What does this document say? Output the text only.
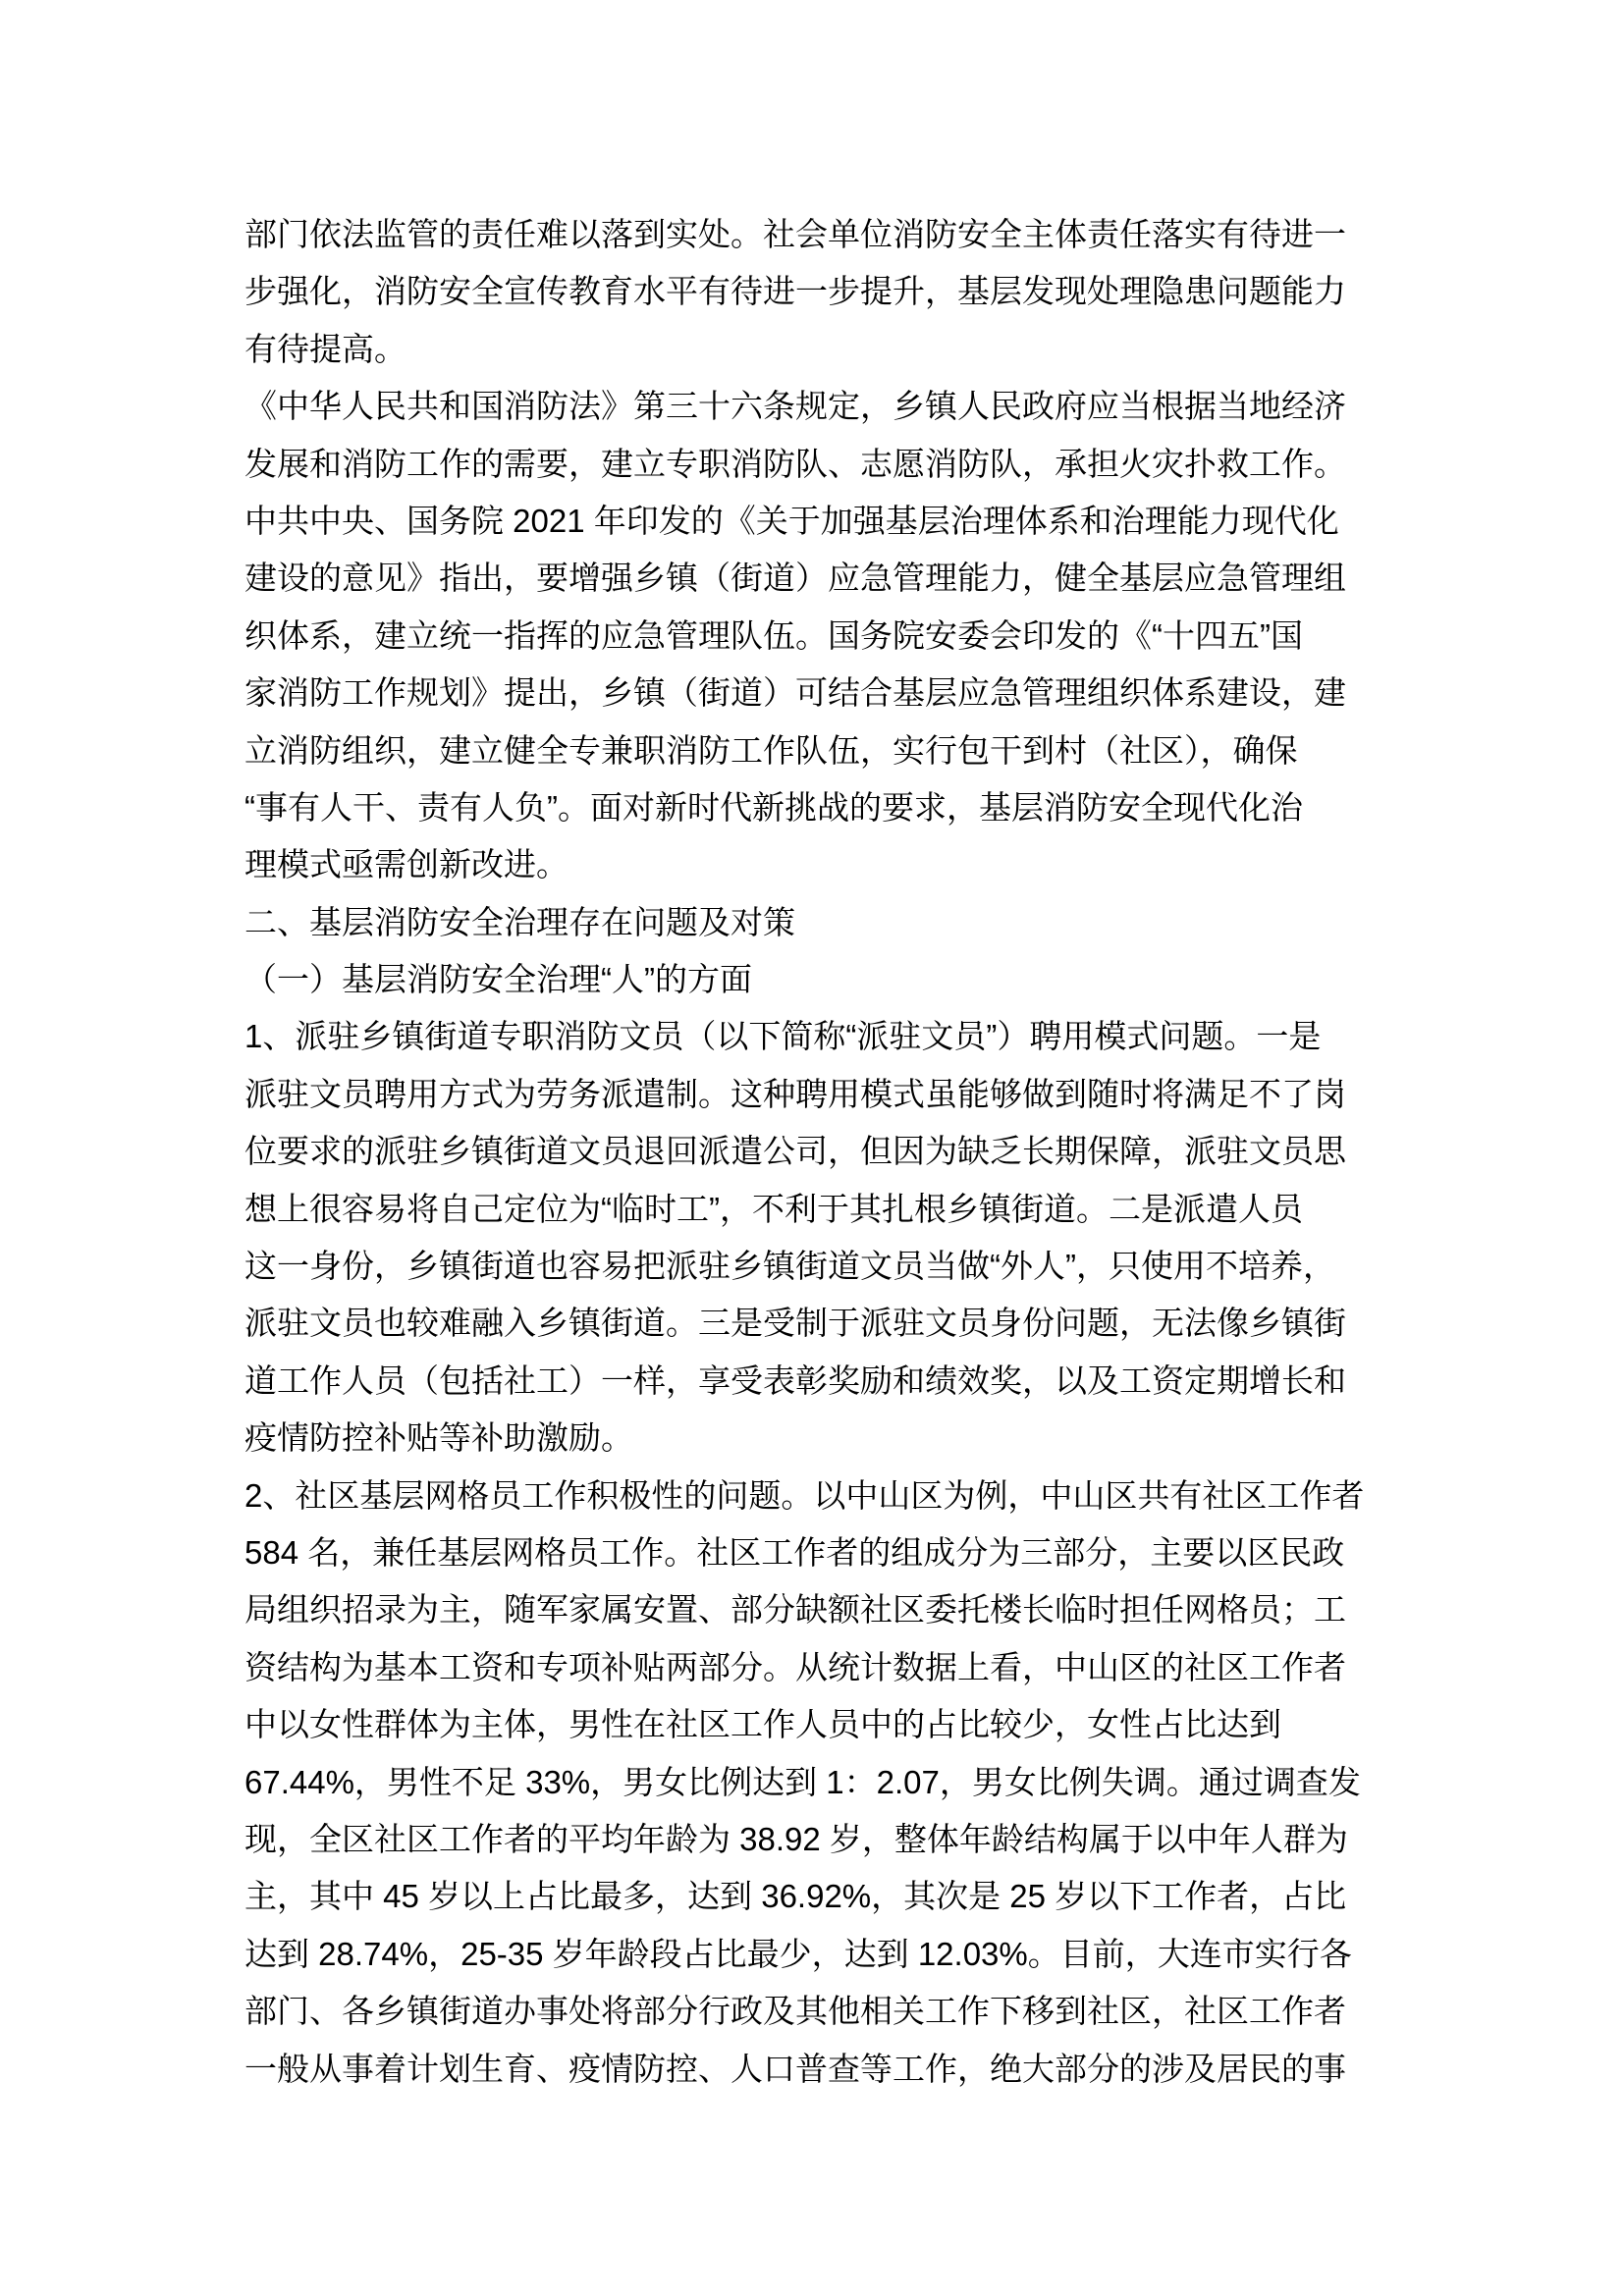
部门依法监管的责任难以落到实处。社会单位消防安全主体责任落实有待进一
步强化，消防安全宣传教育水平有待进一步提升，基层发现处理隐患问题能力
有待提高。
《中华人民共和国消防法》第三十六条规定，乡镇人民政府应当根据当地经济
发展和消防工作的需要，建立专职消防队、志愿消防队，承担火灾扑救工作。
中共中央、国务院 2021 年印发的《关于加强基层治理体系和治理能力现代化
建设的意见》指出，要增强乡镇（街道）应急管理能力，健全基层应急管理组
织体系，建立统一指挥的应急管理队伍。国务院安委会印发的《“十四五”国
家消防工作规划》提出，乡镇（街道）可结合基层应急管理组织体系建设，建
立消防组织，建立健全专兼职消防工作队伍，实行包干到村（社区），确保
“事有人干、责有人负”。面对新时代新挑战的要求，基层消防安全现代化治
理模式亟需创新改进。
二、基层消防安全治理存在问题及对策
（一）基层消防安全治理“人”的方面
1、派驻乡镇街道专职消防文员（以下简称“派驻文员”）聘用模式问题。一是
派驻文员聘用方式为劳务派遣制。这种聘用模式虽能够做到随时将满足不了岗
位要求的派驻乡镇街道文员退回派遣公司，但因为缺乏长期保障，派驻文员思
想上很容易将自己定位为“临时工”，不利于其扎根乡镇街道。二是派遣人员
这一身份，乡镇街道也容易把派驻乡镇街道文员当做“外人”，只使用不培养，
派驻文员也较难融入乡镇街道。三是受制于派驻文员身份问题，无法像乡镇街
道工作人员（包括社工）一样，享受表彰奖励和绩效奖，以及工资定期增长和
疫情防控补贴等补助激励。
2、社区基层网格员工作积极性的问题。以中山区为例，中山区共有社区工作者
584 名，兼任基层网格员工作。社区工作者的组成分为三部分，主要以区民政
局组织招录为主，随军家属安置、部分缺额社区委托楼长临时担任网格员；工
资结构为基本工资和专项补贴两部分。从统计数据上看，中山区的社区工作者
中以女性群体为主体，男性在社区工作人员中的占比较少，女性占比达到
67.44%，男性不足 33%，男女比例达到 1：2.07，男女比例失调。通过调查发
现，全区社区工作者的平均年龄为 38.92 岁，整体年龄结构属于以中年人群为
主，其中 45 岁以上占比最多，达到 36.92%，其次是 25 岁以下工作者，占比
达到 28.74%，25-35 岁年龄段占比最少，达到 12.03%。目前，大连市实行各
部门、各乡镇街道办事处将部分行政及其他相关工作下移到社区，社区工作者
一般从事着计划生育、疫情防控、人口普查等工作，绝大部分的涉及居民的事
